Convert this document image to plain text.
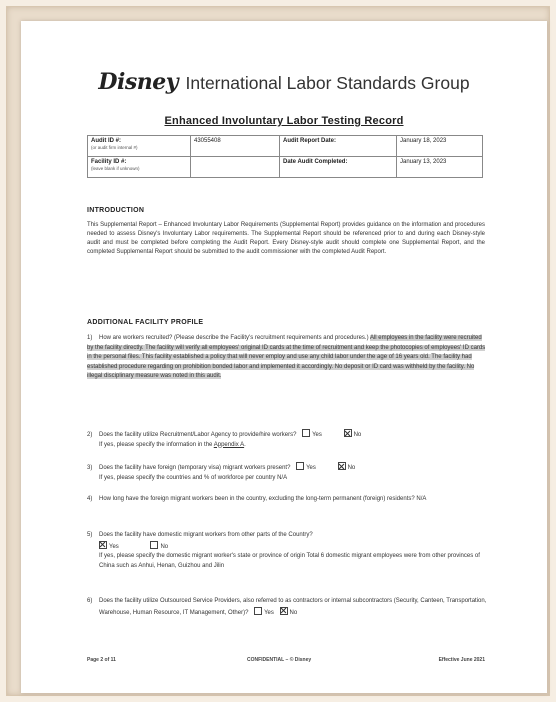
Disney International Labor Standards Group
Enhanced Involuntary Labor Testing Record
Audit ID #:
(or audit firm internal #)	43055408	Audit Report Date:	January 18, 2023
Facility ID #:
(leave blank if unknown)		Date Audit Completed:	January 13, 2023
INTRODUCTION
This Supplemental Report – Enhanced Involuntary Labor Requirements (Supplemental Report) provides guidance on the information and procedures needed to assess Disney's Involuntary Labor requirements. The Supplemental Report should be referenced prior to and during each Disney-style audit and must be completed before completing the Audit Report. Every Disney-style audit should complete one Supplemental Report, and the completed Supplemental Report should be submitted to the audit commissioner with the completed Audit Report.
ADDITIONAL FACILITY PROFILE
1) How are workers recruited? (Please describe the Facility's recruitment requirements and procedures.) All employees in the facility were recruited by the facility directly. The facility will verify all employees' original ID cards at the time of recruitment and keep the photocopies of employees' ID cards in the personal files. This facility established a policy that will never employ and use any child labor under the age of 16 years old. The facility had established procedure regarding on prohibition bonded labor and implemented it accordingly. No deposit or ID card was withheld by the facility. No illegal disciplinary measure was noted in this audit.
2) Does the facility utilize Recruitment/Labor Agency to provide/hire workers?	Yes	No
If yes, please specify the information in the Appendix A.
3) Does the facility have foreign (temporary visa) migrant workers present?	Yes	No
If yes, please specify the countries and % of workforce per country N/A
4)	How long have the foreign migrant workers been in the country, excluding the long-term permanent (foreign) residents? N/A
5) Does the facility have domestic migrant workers from other parts of the Country?
Yes	No
If yes, please specify the domestic migrant worker's state or province of origin Total 6 domestic migrant employees were from other provinces of China such as Anhui, Henan, Guizhou and Jilin
6)	Does the facility utilize Outsourced Service Providers, also referred to as contractors or internal subcontractors (Security, Canteen, Transportation, Warehouse, Human Resource, IT Management, Other)?	Yes	No
Page 2 of 11	CONFIDENTIAL – © Disney	Effective June 2021
